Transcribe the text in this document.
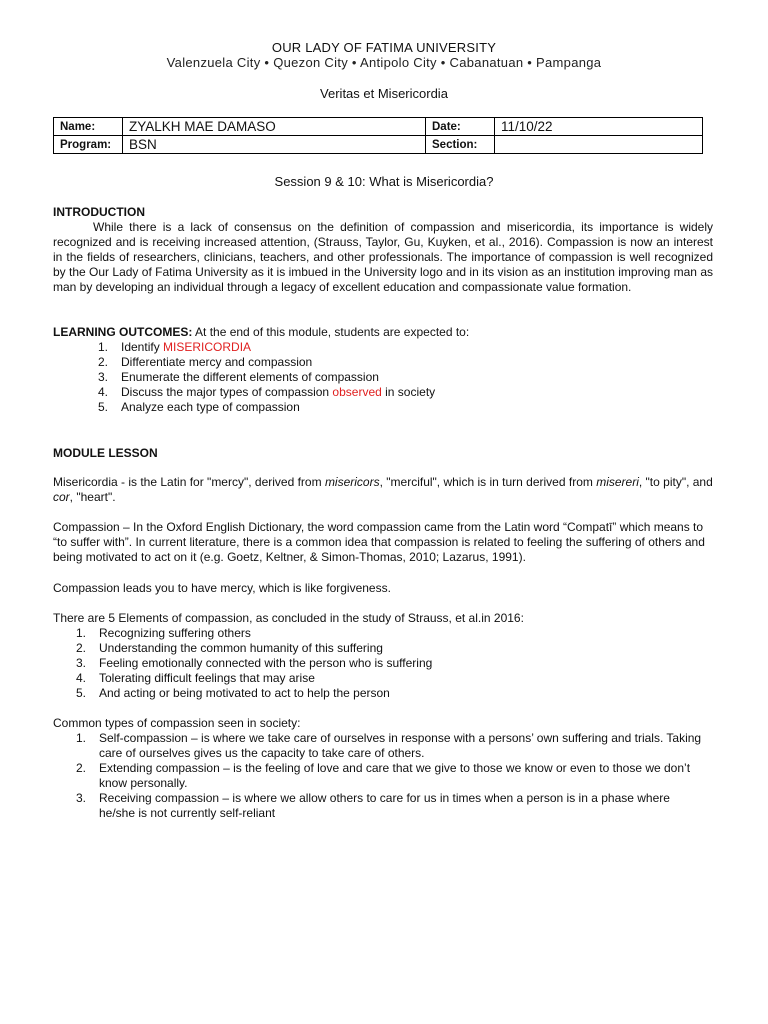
OUR LADY OF FATIMA UNIVERSITY
Valenzuela City • Quezon City • Antipolo City • Cabanatuan • Pampanga
Veritas et Misericordia
Name:	ZYALKH MAE DAMASO	Date:	11/10/22
Program:	BSN	Section:	
Session 9 & 10: What is Misericordia?
INTRODUCTION
While there is a lack of consensus on the definition of compassion and misericordia, its importance is widely recognized and is receiving increased attention, (Strauss, Taylor, Gu, Kuyken, et al., 2016). Compassion is now an interest in the fields of researchers, clinicians, teachers, and other professionals. The importance of compassion is well recognized by the Our Lady of Fatima University as it is imbued in the University logo and in its vision as an institution improving man as man by developing an individual through a legacy of excellent education and compassionate value formation.
LEARNING OUTCOMES: At the end of this module, students are expected to:
1. Identify MISERICORDIA
2. Differentiate mercy and compassion
3. Enumerate the different elements of compassion
4. Discuss the major types of compassion observed in society
5. Analyze each type of compassion
MODULE LESSON
Misericordia - is the Latin for "mercy", derived from misericors, "merciful", which is in turn derived from misereri, "to pity", and cor, "heart".
Compassion – In the Oxford English Dictionary, the word compassion came from the Latin word “Compatī” which means to “to suffer with”. In current literature, there is a common idea that compassion is related to feeling the suffering of others and being motivated to act on it (e.g. Goetz, Keltner, & Simon-Thomas, 2010; Lazarus, 1991).
Compassion leads you to have mercy, which is like forgiveness.
There are 5 Elements of compassion, as concluded in the study of Strauss, et al.in 2016:
1. Recognizing suffering others
2. Understanding the common humanity of this suffering
3. Feeling emotionally connected with the person who is suffering
4. Tolerating difficult feelings that may arise
5. And acting or being motivated to act to help the person
Common types of compassion seen in society:
1. Self-compassion – is where we take care of ourselves in response with a persons’ own suffering and trials. Taking care of ourselves gives us the capacity to take care of others.
2. Extending compassion – is the feeling of love and care that we give to those we know or even to those we don’t know personally.
3. Receiving compassion – is where we allow others to care for us in times when a person is in a phase where he/she is not currently self-reliant
